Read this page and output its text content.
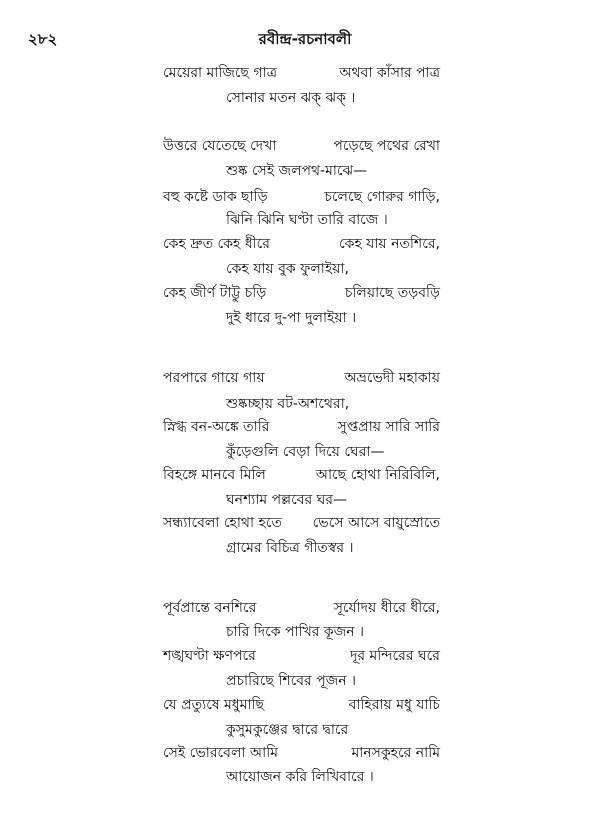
২৮২	রবীন্দ্র-রচনাবলী
মেয়েরা মাজিছে গাত্র	অথবা কাঁসার পাত্র
সোনার মতন ঝক্ ঝক্ ।
উত্তরে যেতেছে দেখা	পড়েছে পথের রেখা
শুষ্ক সেই জলপথ-মাঝে—
বহু কষ্টে ডাক ছাড়ি	চলেছে গোরুর গাড়ি,
ঝিনি ঝিনি ঘণ্টা তারি বাজে ।
কেহ দ্রুত কেহ ধীরে	কেহ যায় নতশিরে,
কেহ যায় বুক ফুলাইয়া,
কেহ জীর্ণ টাট্টু চড়ি	চলিয়াছে তড়বড়ি
দুই ধারে দু-পা দুলাইয়া ।
পরপারে গায়ে গায়	অভ্রভেদী মহাকায়
শুষ্কচ্ছায় বট-অশথেরা,
স্নিগ্ধ বন-অঙ্কে তারি	সুপ্তপ্রায় সারি সারি
কুঁড়েগুলি বেড়া দিয়ে ঘেরা—
বিহঙ্গে মানবে মিলি	আছে হোথা নিরিবিলি,
ঘনশ্যাম পল্লবের ঘর—
সন্ধ্যাবেলা হোথা হতে ভেসে আসে বায়ুস্রোতে
গ্রামের বিচিত্র গীতস্বর ।
পূর্বপ্রান্তে বনশিরে	সূর্যোদয় ধীরে ধীরে,
চারি দিকে পাখির কূজন ।
শঙ্খঘণ্টা ক্ষণপরে	দূর মন্দিরের ঘরে
প্রচারিছে শিবের পূজন ।
যে প্রত্যুষে মধুমাছি	বাহিরায় মধু যাচি
কুসুমকুঞ্জের দ্বারে দ্বারে
সেই ভোরবেলা আমি	মানসকুহরে নামি
আয়োজন করি লিখিবারে ।
